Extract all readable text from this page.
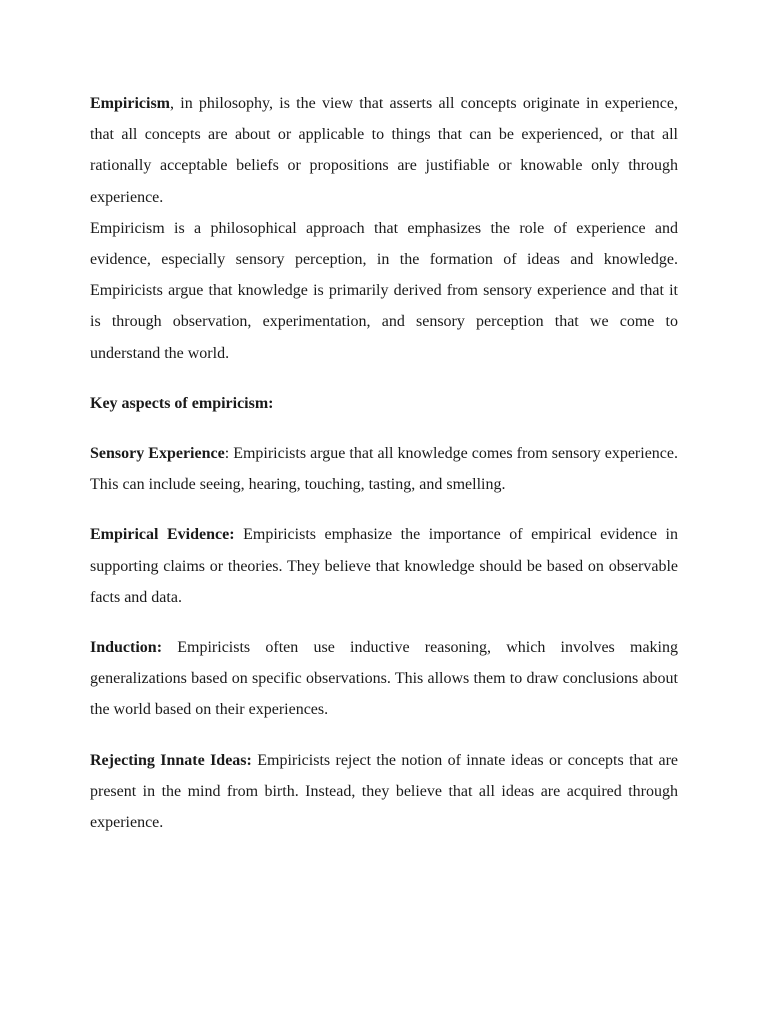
Empiricism, in philosophy, is the view that asserts all concepts originate in experience, that all concepts are about or applicable to things that can be experienced, or that all rationally acceptable beliefs or propositions are justifiable or knowable only through experience.

Empiricism is a philosophical approach that emphasizes the role of experience and evidence, especially sensory perception, in the formation of ideas and knowledge. Empiricists argue that knowledge is primarily derived from sensory experience and that it is through observation, experimentation, and sensory perception that we come to understand the world.

Key aspects of empiricism:

Sensory Experience: Empiricists argue that all knowledge comes from sensory experience. This can include seeing, hearing, touching, tasting, and smelling.

Empirical Evidence: Empiricists emphasize the importance of empirical evidence in supporting claims or theories. They believe that knowledge should be based on observable facts and data.

Induction: Empiricists often use inductive reasoning, which involves making generalizations based on specific observations. This allows them to draw conclusions about the world based on their experiences.

Rejecting Innate Ideas: Empiricists reject the notion of innate ideas or concepts that are present in the mind from birth. Instead, they believe that all ideas are acquired through experience.
